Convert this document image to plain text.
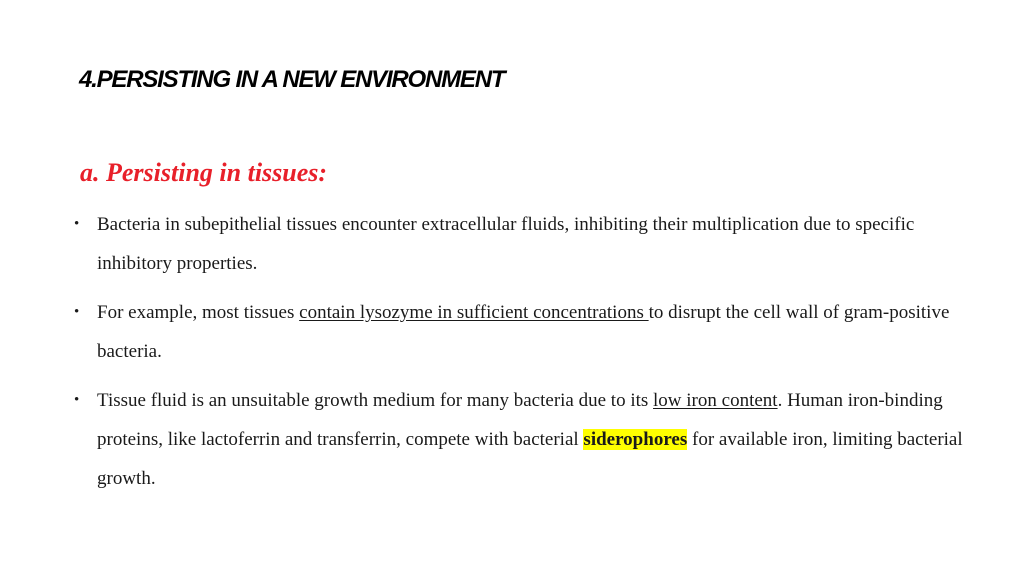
4.PERSISTING IN A NEW ENVIRONMENT
a. Persisting in tissues:
• Bacteria in subepithelial tissues encounter extracellular fluids, inhibiting their multiplication due to specific inhibitory properties.
• For example, most tissues contain lysozyme in sufficient concentrations to disrupt the cell wall of gram-positive bacteria.
• Tissue fluid is an unsuitable growth medium for many bacteria due to its low iron content. Human iron-binding proteins, like lactoferrin and transferrin, compete with bacterial siderophores for available iron, limiting bacterial growth.
